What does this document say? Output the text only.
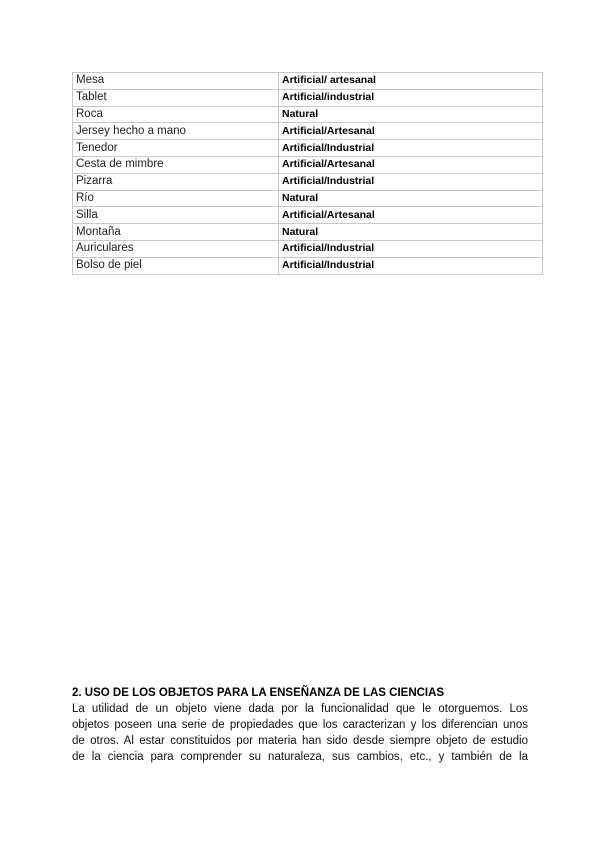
Mesa	Artificial/ artesanal
Tablet	Artificial/industrial
Roca	Natural
Jersey hecho a mano	Artificial/Artesanal
Tenedor	Artificial/Industrial
Cesta de mimbre	Artificial/Artesanal
Pizarra	Artificial/Industrial
Río	Natural
Silla	Artificial/Artesanal
Montaña	Natural
Auriculares	Artificial/Industrial
Bolso de piel	Artificial/Industrial

2. USO DE LOS OBJETOS PARA LA ENSEÑANZA DE LAS CIENCIAS

La utilidad de un objeto viene dada por la funcionalidad que le otorguemos. Los

objetos poseen una serie de propiedades que los caracterizan y los diferencian unos

de otros. Al estar constituidos por materia han sido desde siempre objeto de estudio

de la ciencia para comprender su naturaleza, sus cambios, etc., y también de la
